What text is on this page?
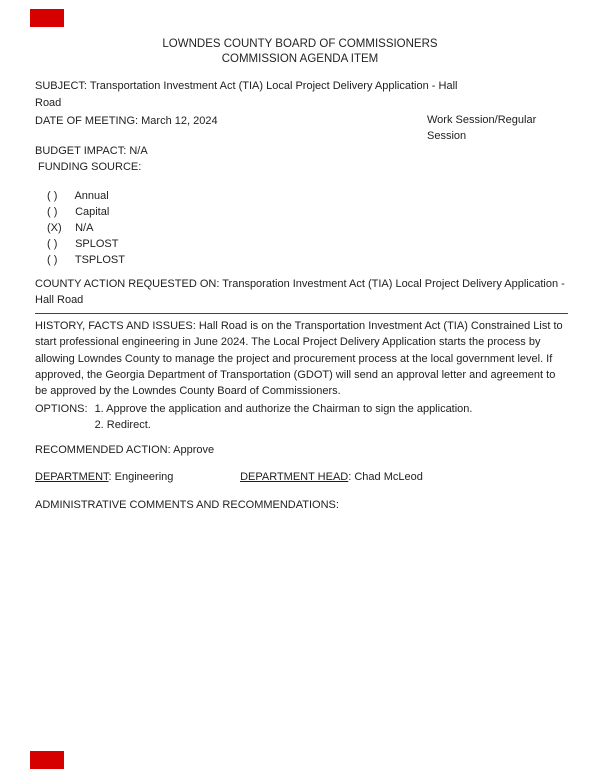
LOWNDES COUNTY BOARD OF COMMISSIONERS
COMMISSION AGENDA ITEM

SUBJECT: Transportation Investment Act (TIA) Local Project Delivery Application - Hall Road

DATE OF MEETING: March 12, 2024	Work Session/Regular Session

BUDGET IMPACT: N/A

FUNDING SOURCE:

( ) Annual
( ) Capital
(X) N/A
( ) SPLOST
( ) TSPLOST

COUNTY ACTION REQUESTED ON: Transporation Investment Act (TIA) Local Project Delivery Application - Hall Road

HISTORY, FACTS AND ISSUES: Hall Road is on the Transportation Investment Act (TIA) Constrained List to start professional engineering in June 2024. The Local Project Delivery Application starts the process by allowing Lowndes County to manage the project and procurement process at the local government level. If approved, the Georgia Department of Transportation (GDOT) will send an approval letter and agreement to be approved by the Lowndes County Board of Commissioners.

OPTIONS: 1. Approve the application and authorize the Chairman to sign the application.
2. Redirect.

RECOMMENDED ACTION: Approve

DEPARTMENT: Engineering	DEPARTMENT HEAD: Chad McLeod

ADMINISTRATIVE COMMENTS AND RECOMMENDATIONS:
